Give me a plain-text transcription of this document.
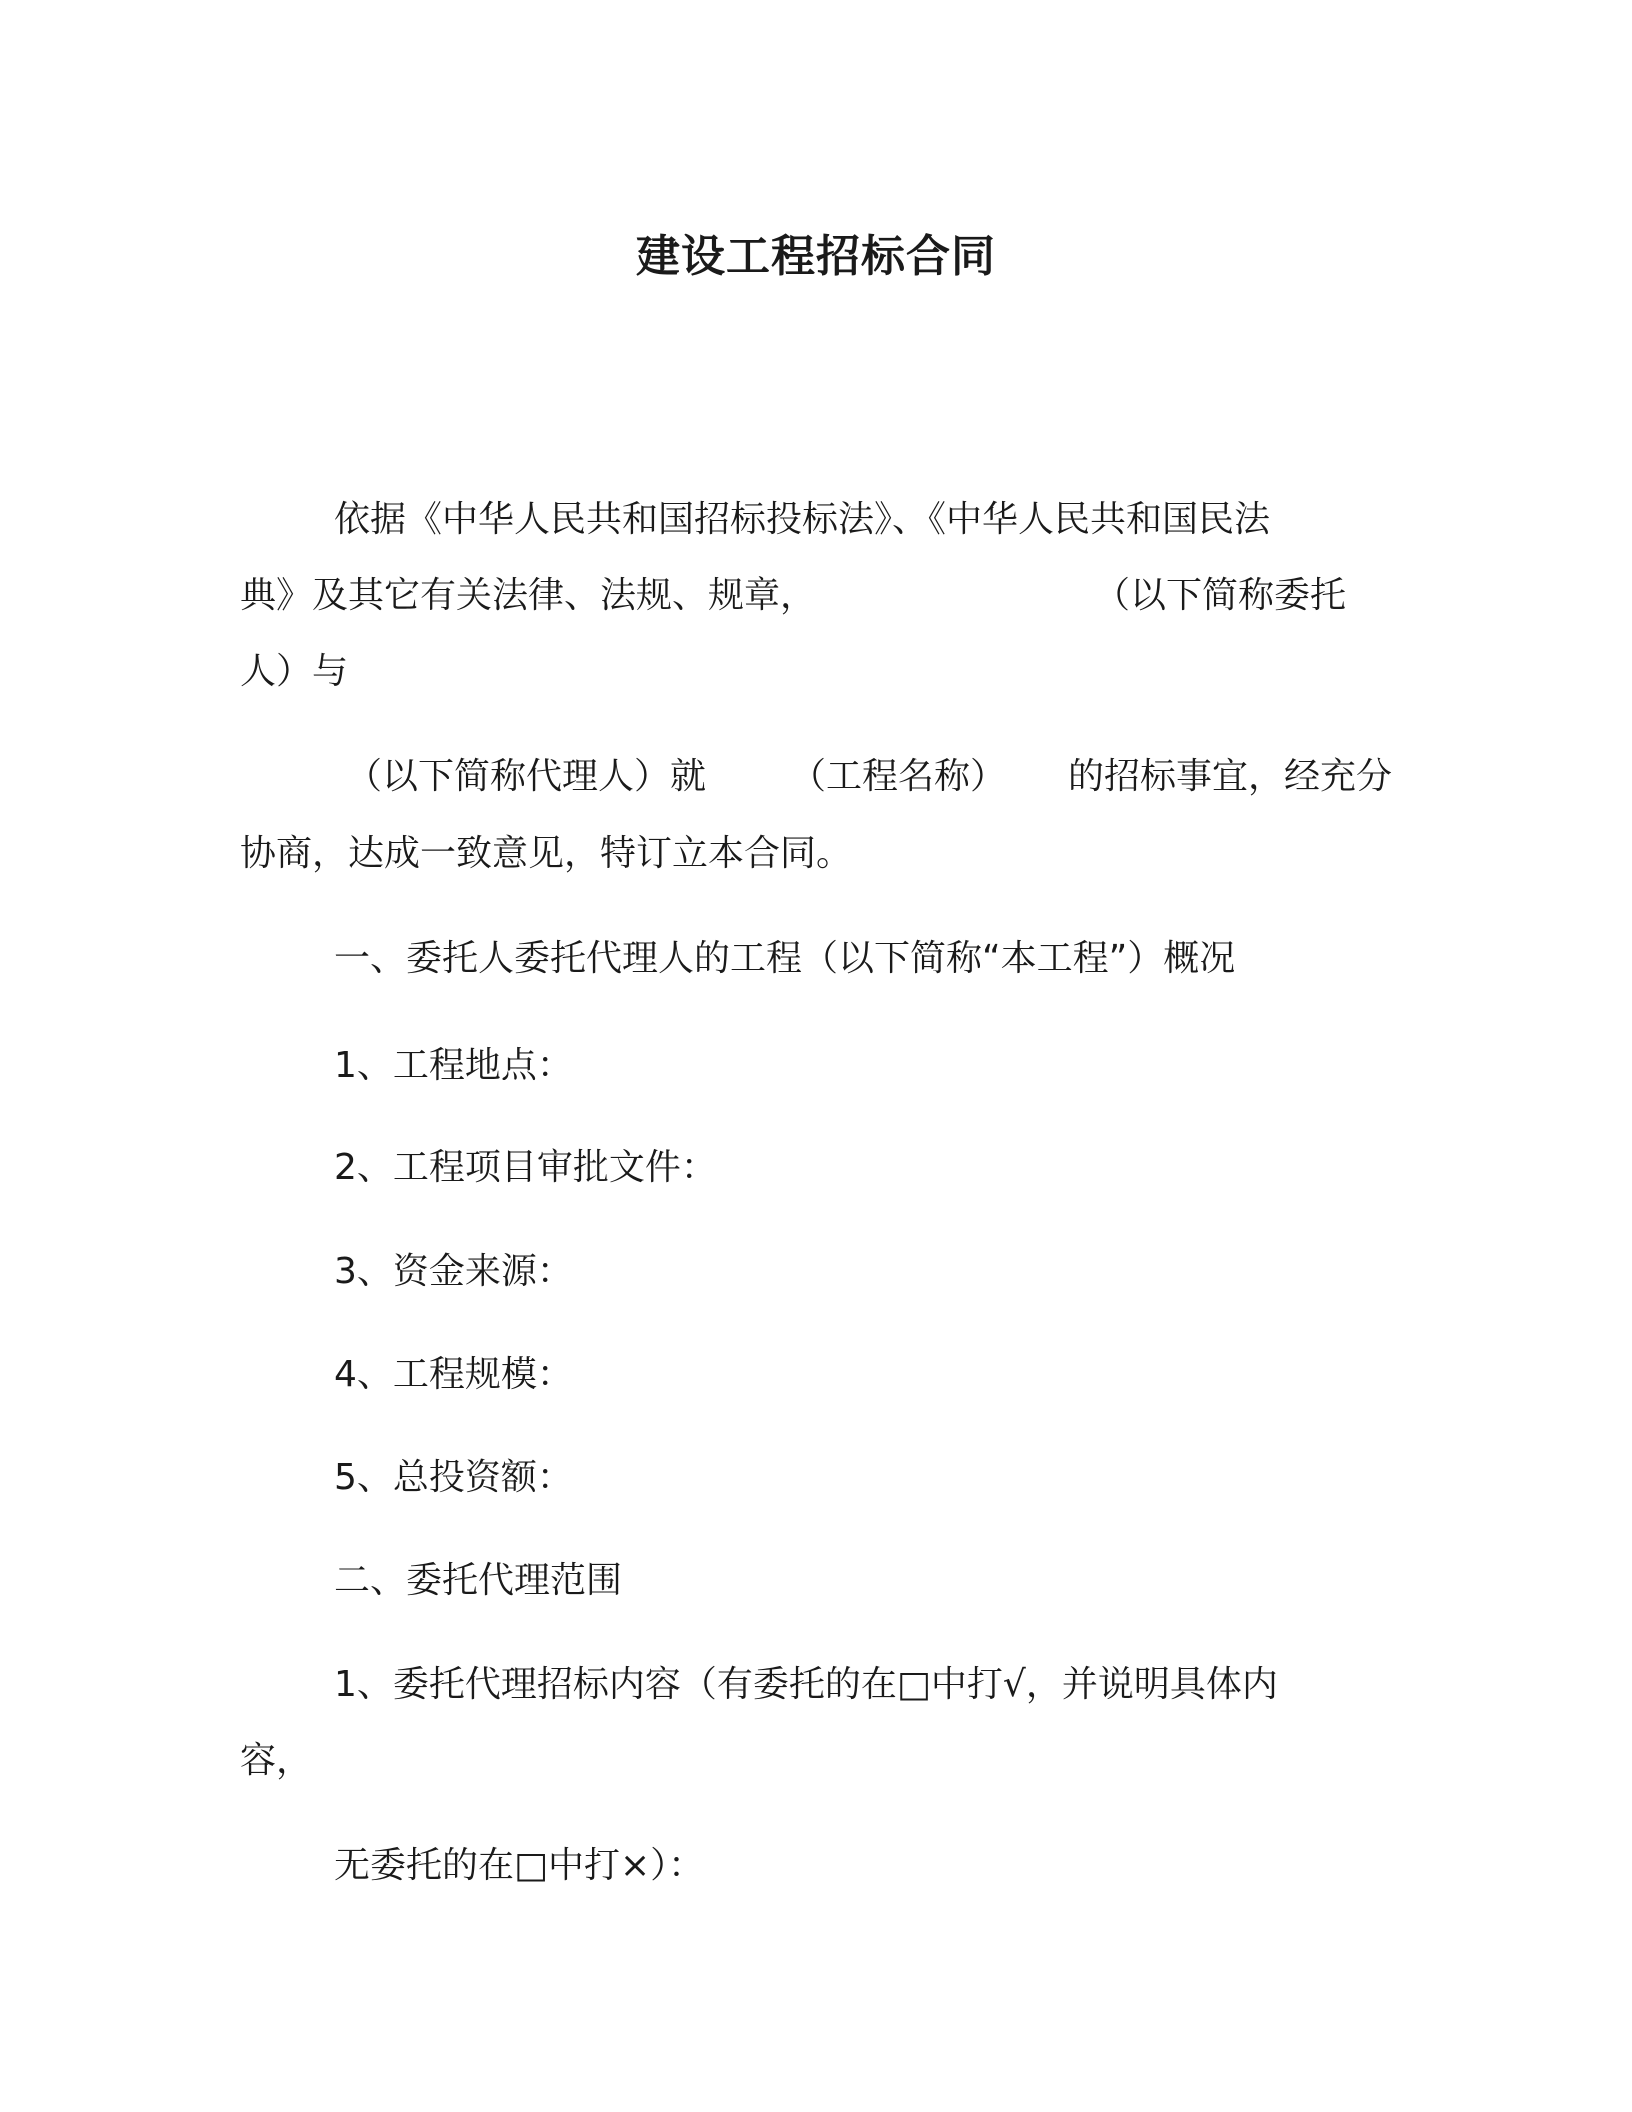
建设工程招标合同

依据《中华人民共和国招标投标法》、《中华人民共和国民法

典》及其它有关法律、法规、规章，	（以下简称委托

人）与

（以下简称代理人）就 （工程名称） 的招标事宜，经充分

协商，达成一致意见，特订立本合同。

一、委托人委托代理人的工程（以下简称“本工程”）概况

1、工程地点：

2、工程项目审批文件：

3、资金来源：

4、工程规模：

5、总投资额：

二、委托代理范围

1、委托代理招标内容（有委托的在□中打√，并说明具体内

容，

无委托的在□中打×）：
